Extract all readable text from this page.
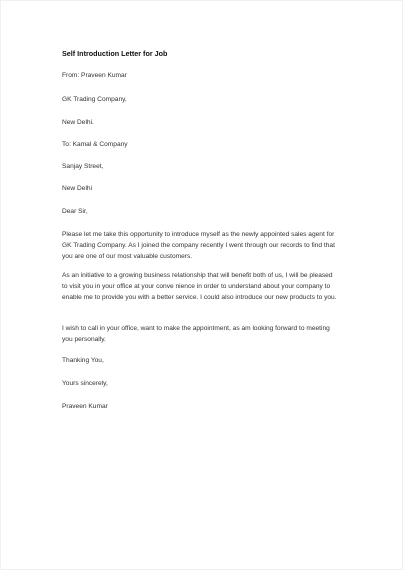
Self Introduction Letter for Job
From: Praveen Kumar
GK Trading Company,
New Delhi.
To: Kamal & Company
Sanjay Street,
New Delhi
Dear Sir,
Please let me take this opportunity to introduce myself as the newly appointed sales agent for
GK Trading Company. As I joined the company recently I went through our records to find that
you are one of our most valuable customers.
As an initiative to a growing business relationship that will benefit both of us, I will be pleased
to visit you in your office at your conve nience in order to understand about your company to
enable me to provide you with a better service. I could also introduce our new products to you.
I wish to call in your office, want to make the appointment, as am looking forward to meeting
you personally.
Thanking You,
Yours sincerely,
Praveen Kumar
